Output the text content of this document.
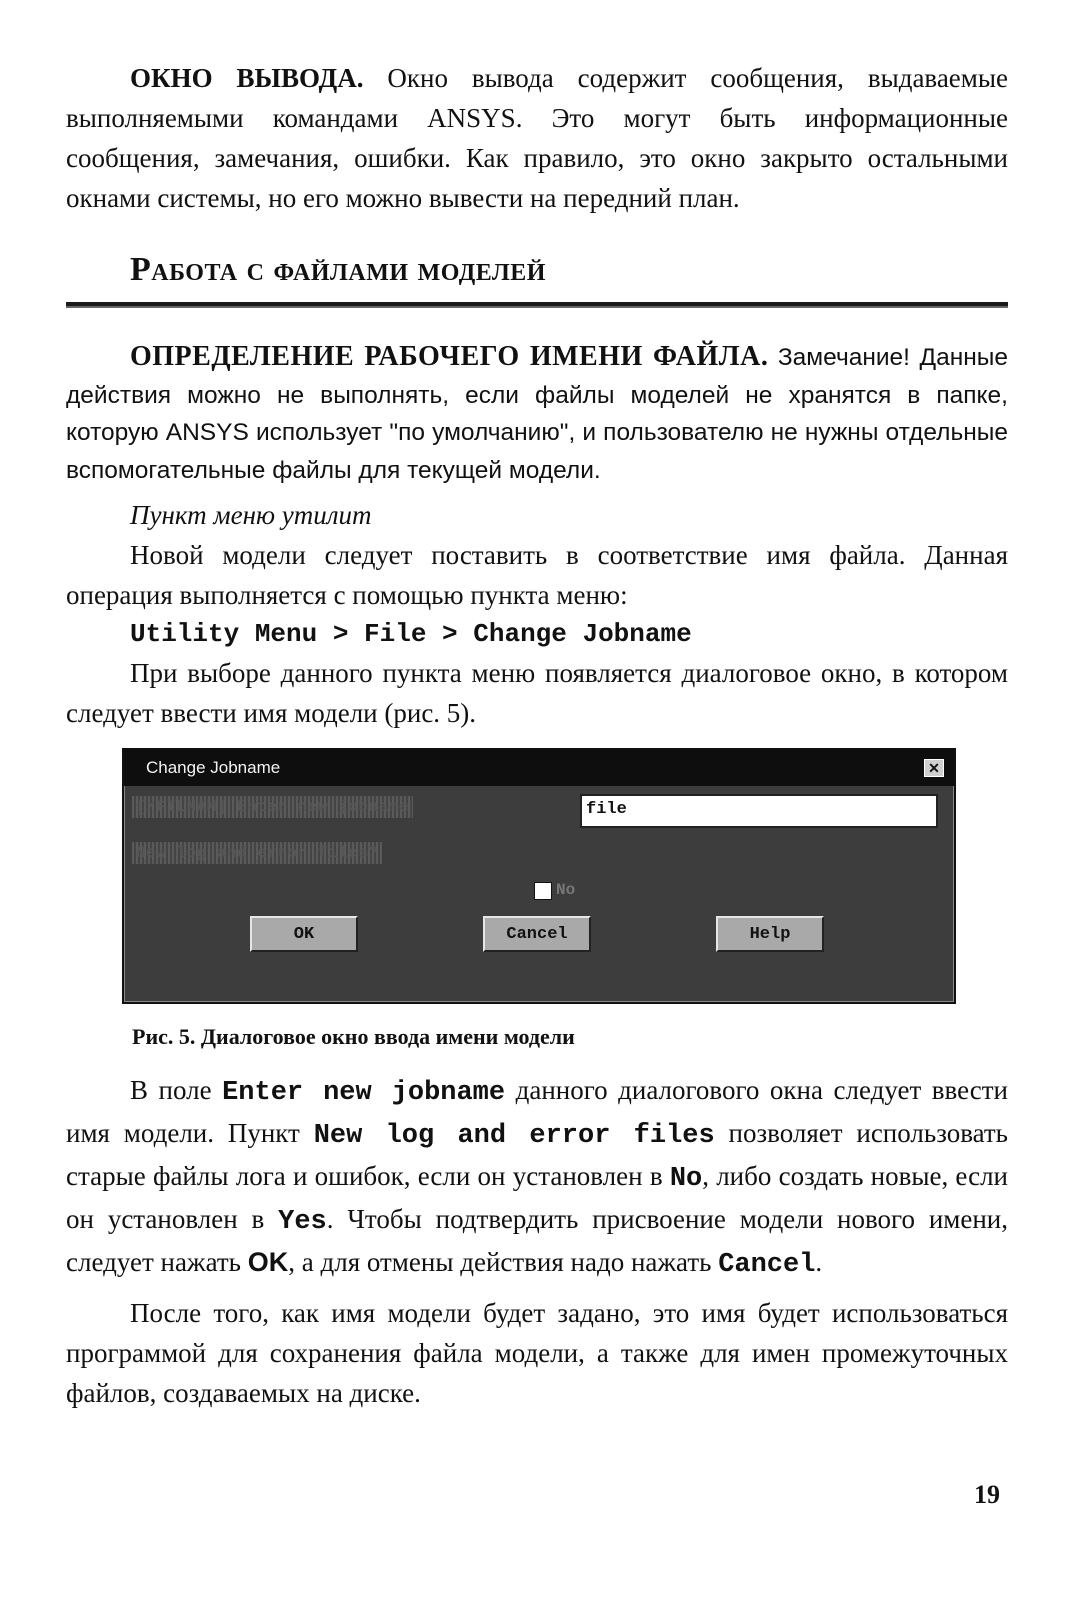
ОКНО ВЫВОДА. Окно вывода содержит сообщения, выдаваемые выполняемыми командами ANSYS. Это могут быть информационные сообщения, замечания, ошибки. Как правило, это окно закрыто остальными окнами системы, но его можно вывести на передний план.

Работа с файлами моделей

ОПРЕДЕЛЕНИЕ РАБОЧЕГО ИМЕНИ ФАЙЛА. Замечание! Данные действия можно не выполнять, если файлы моделей не хранятся в папке, которую ANSYS использует "по умолчанию", и пользователю не нужны отдельные вспомогательные файлы для текущей модели.

Пункт меню утилит

Новой модели следует поставить в соответствие имя файла. Данная операция выполняется с помощью пункта меню:

Utility Menu > File > Change Jobname

При выборе данного пункта меню появляется диалоговое окно, в котором следует ввести имя модели (рис. 5).

Change Jobname	✕
[/FILNAM] Enter new jobname	file
New log and error files?
No
OK	Cancel	Help
Рис. 5. Диалоговое окно ввода имени модели

В поле Enter new jobname данного диалогового окна следует ввести имя модели. Пункт New log and error files позволяет использовать старые файлы лога и ошибок, если он установлен в No, либо создать новые, если он установлен в Yes. Чтобы подтвердить присвоение модели нового имени, следует нажать OK, а для отмены действия надо нажать Cancel.

После того, как имя модели будет задано, это имя будет использоваться программой для сохранения файла модели, а также для имен промежуточных файлов, создаваемых на диске.

19
